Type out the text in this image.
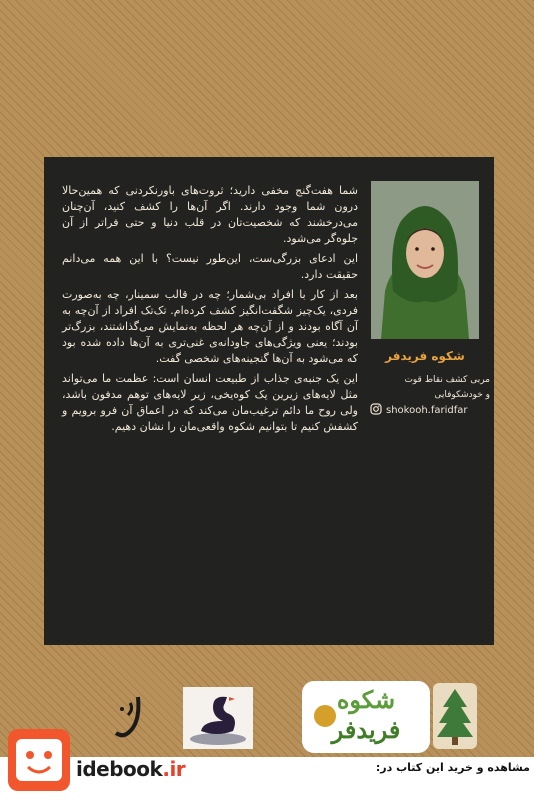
شما هفت‌گنج مخفی دارید؛ ثروت‌های باورنکردنی که همین‌حالا درون شما وجود دارند. اگر آن‌ها را کشف کنید، آن‌چنان می‌درخشند که شخصیت‌تان در قلب دنیا و حتی فراتر از آن جلوه‌گر می‌شود.

این ادعای بزرگی‌ست، این‌طور نیست؟ با این همه می‌دانم حقیقت دارد.

بعد از کار با افراد بی‌شمار؛ چه در قالب سمینار، چه به‌صورت فردی، یک‌چیز شگفت‌انگیز کشف کرده‌ام. تک‌تک افراد از آن‌چه به آن آگاه بودند و از آن‌چه هر لحظه به‌نمایش می‌گذاشتند، بزرگ‌تر بودند؛ یعنی ویژگی‌های جاودانه‌ی غنی‌تری به آن‌ها داده شده بود که می‌شود به آن‌ها گنجینه‌های شخصی گفت.

این یک جنبه‌ی جذاب از طبیعت انسان است: عظمت ما می‌تواند مثل لایه‌های زیرین یک کوه‌یخی، زیر لایه‌های توهم مدفون باشد، ولی روح ما دائم ترغیب‌مان می‌کند که در اعماق آن فرو برویم و کشفش کنیم تا بتوانیم شکوه واقعی‌مان را نشان دهیم.

شکوه فریدفر
مربی کشف نقاط قوت
و خودشکوفایی
shokooh.faridfar
شکوه
فریدفر
idebook.ir	مشاهده و خرید این کتاب در:
